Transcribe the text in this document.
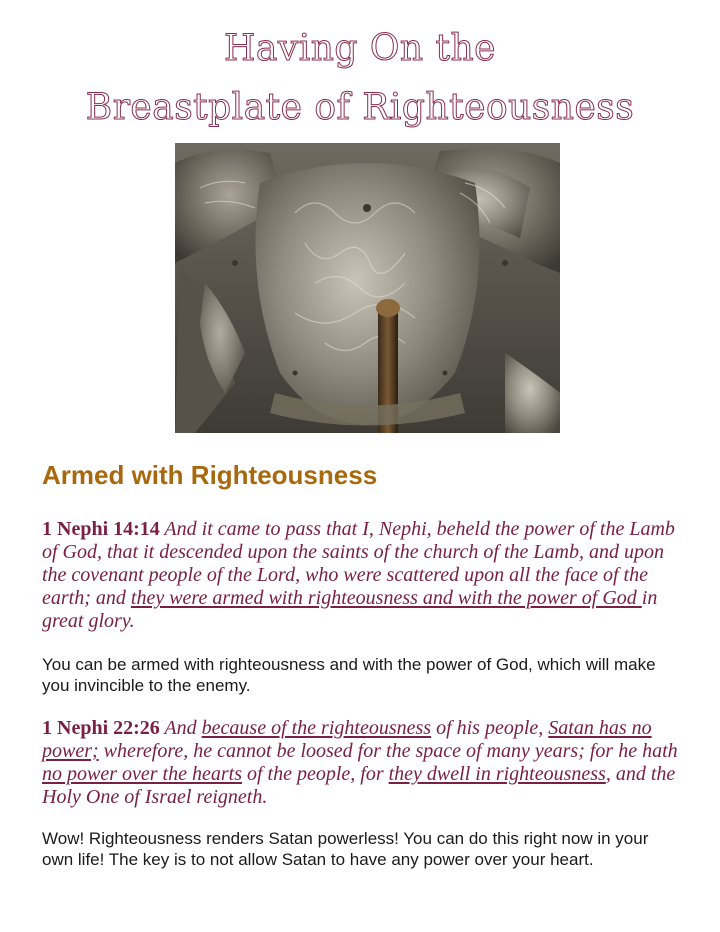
Having On the
Breastplate of Righteousness
Armed with Righteousness

1 Nephi 14:14 And it came to pass that I, Nephi, beheld the power of the Lamb of God, that it descended upon the saints of the church of the Lamb, and upon the covenant people of the Lord, who were scattered upon all the face of the earth; and they were armed with righteousness and with the power of God in great glory.

You can be armed with righteousness and with the power of God, which will make you invincible to the enemy.

1 Nephi 22:26 And because of the righteousness of his people, Satan has no power; wherefore, he cannot be loosed for the space of many years; for he hath no power over the hearts of the people, for they dwell in righteousness, and the Holy One of Israel reigneth.

Wow! Righteousness renders Satan powerless! You can do this right now in your own life! The key is to not allow Satan to have any power over your heart.
